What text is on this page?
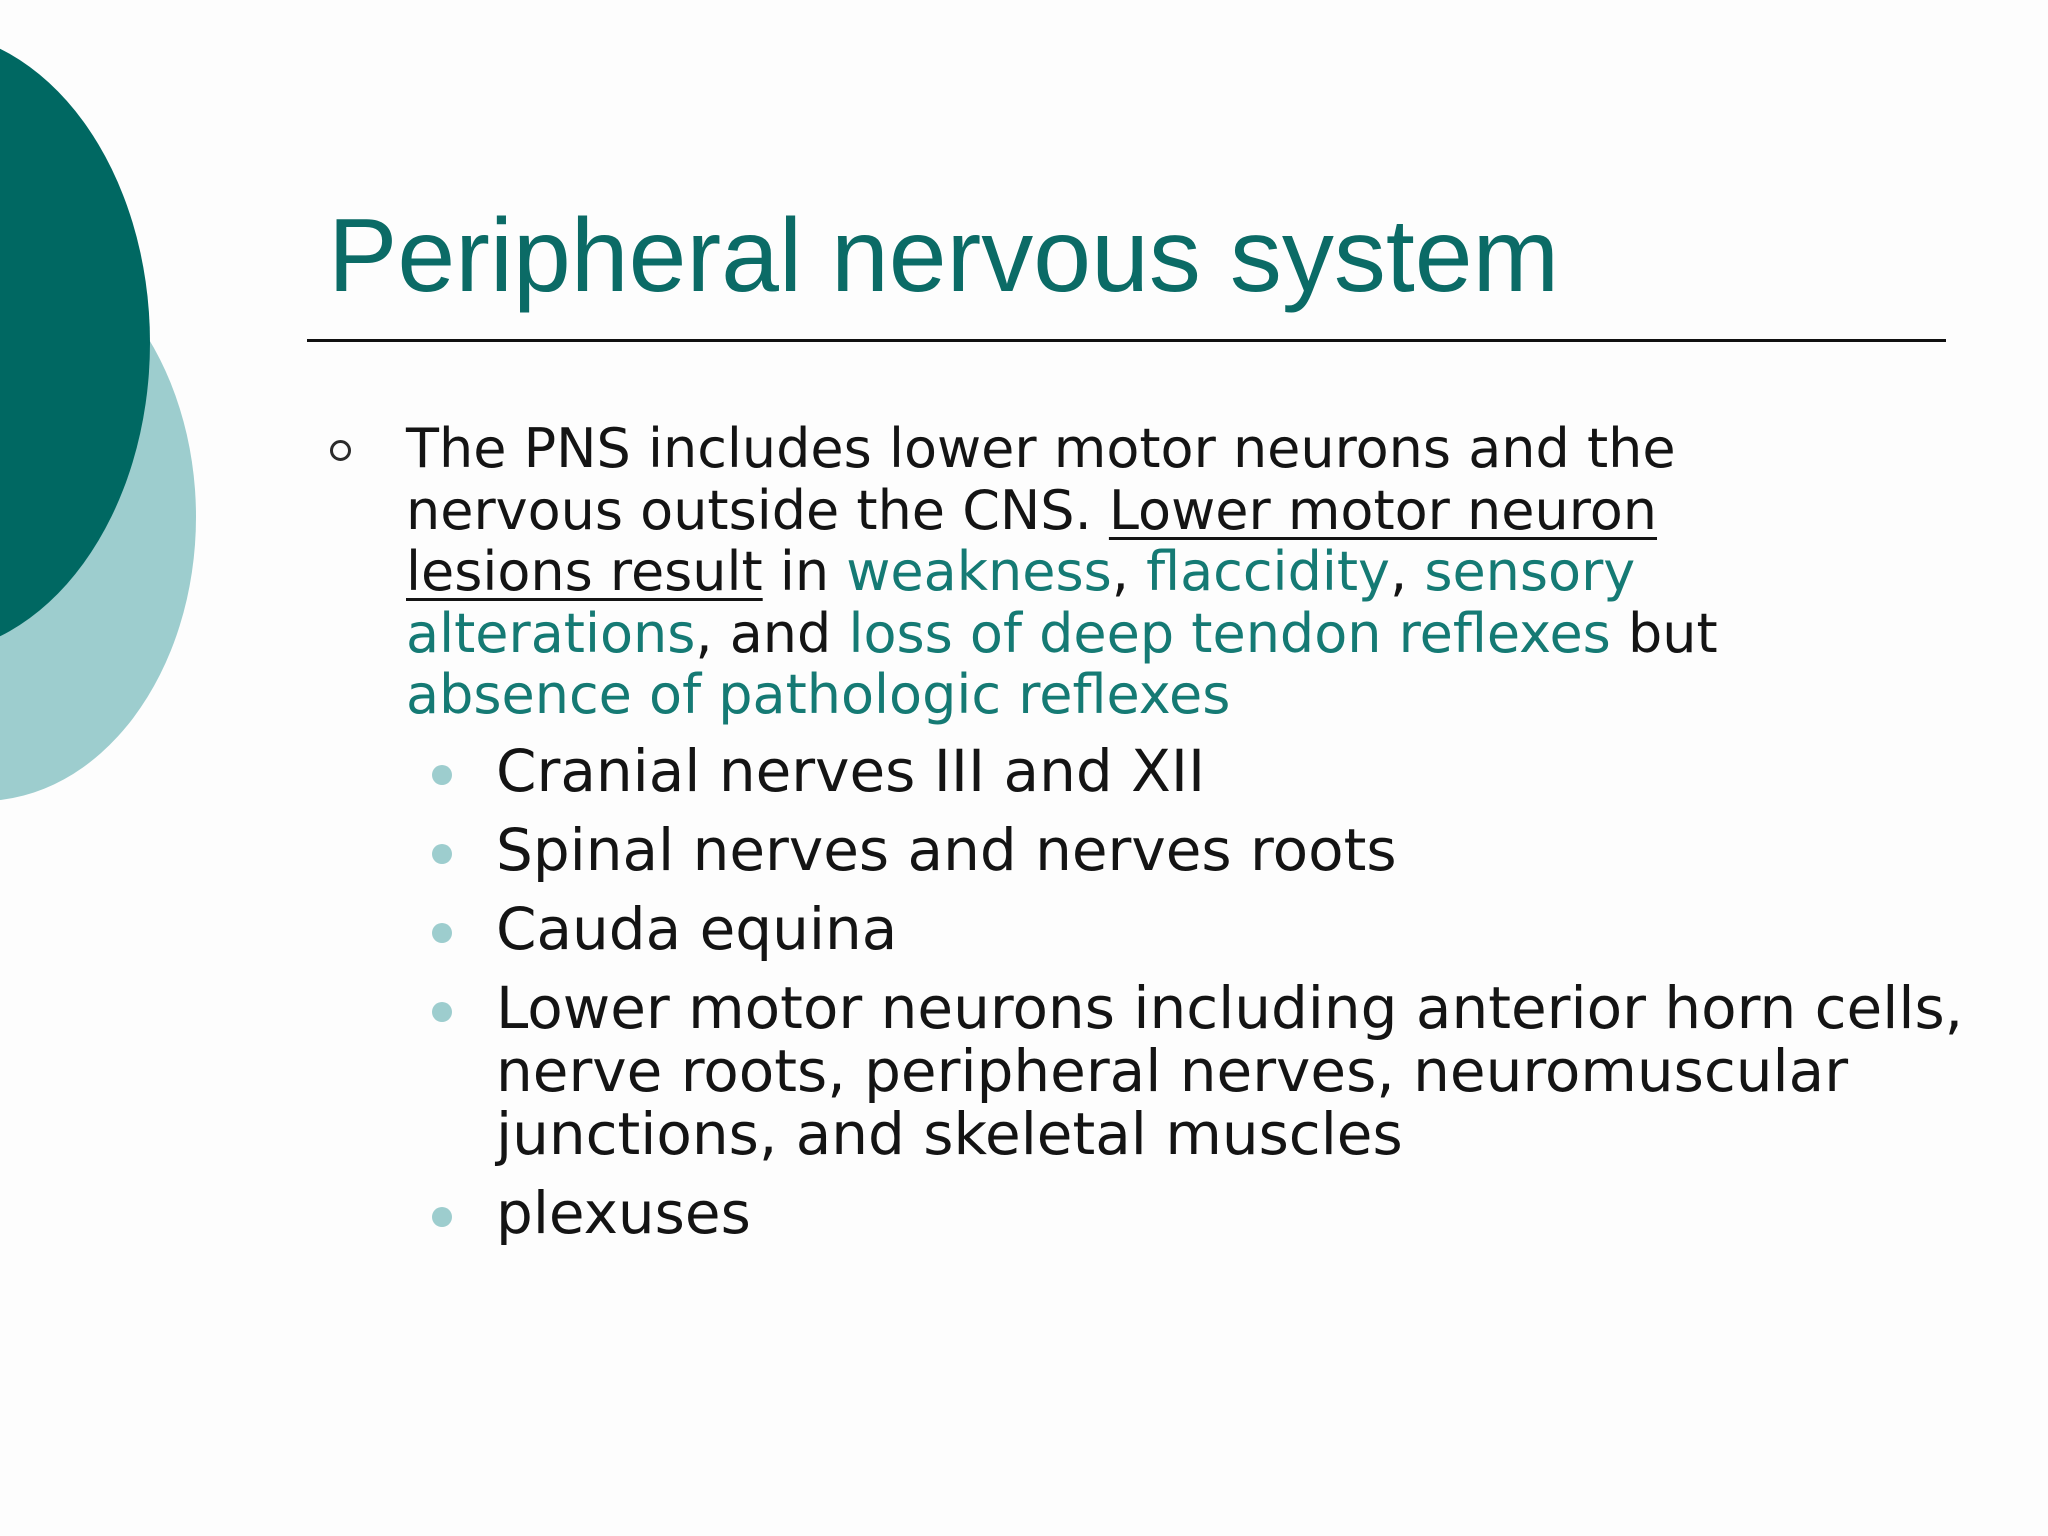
Peripheral nervous system

The PNS includes lower motor neurons and the nervous outside the CNS. Lower motor neuron lesions result in weakness, flaccidity, sensory alterations, and loss of deep tendon reflexes but absence of pathologic reflexes

Cranial nerves III and XII
Spinal nerves and nerves roots
Cauda equina
Lower motor neurons including anterior horn cells, nerve roots, peripheral nerves, neuromuscular junctions, and skeletal muscles
plexuses
